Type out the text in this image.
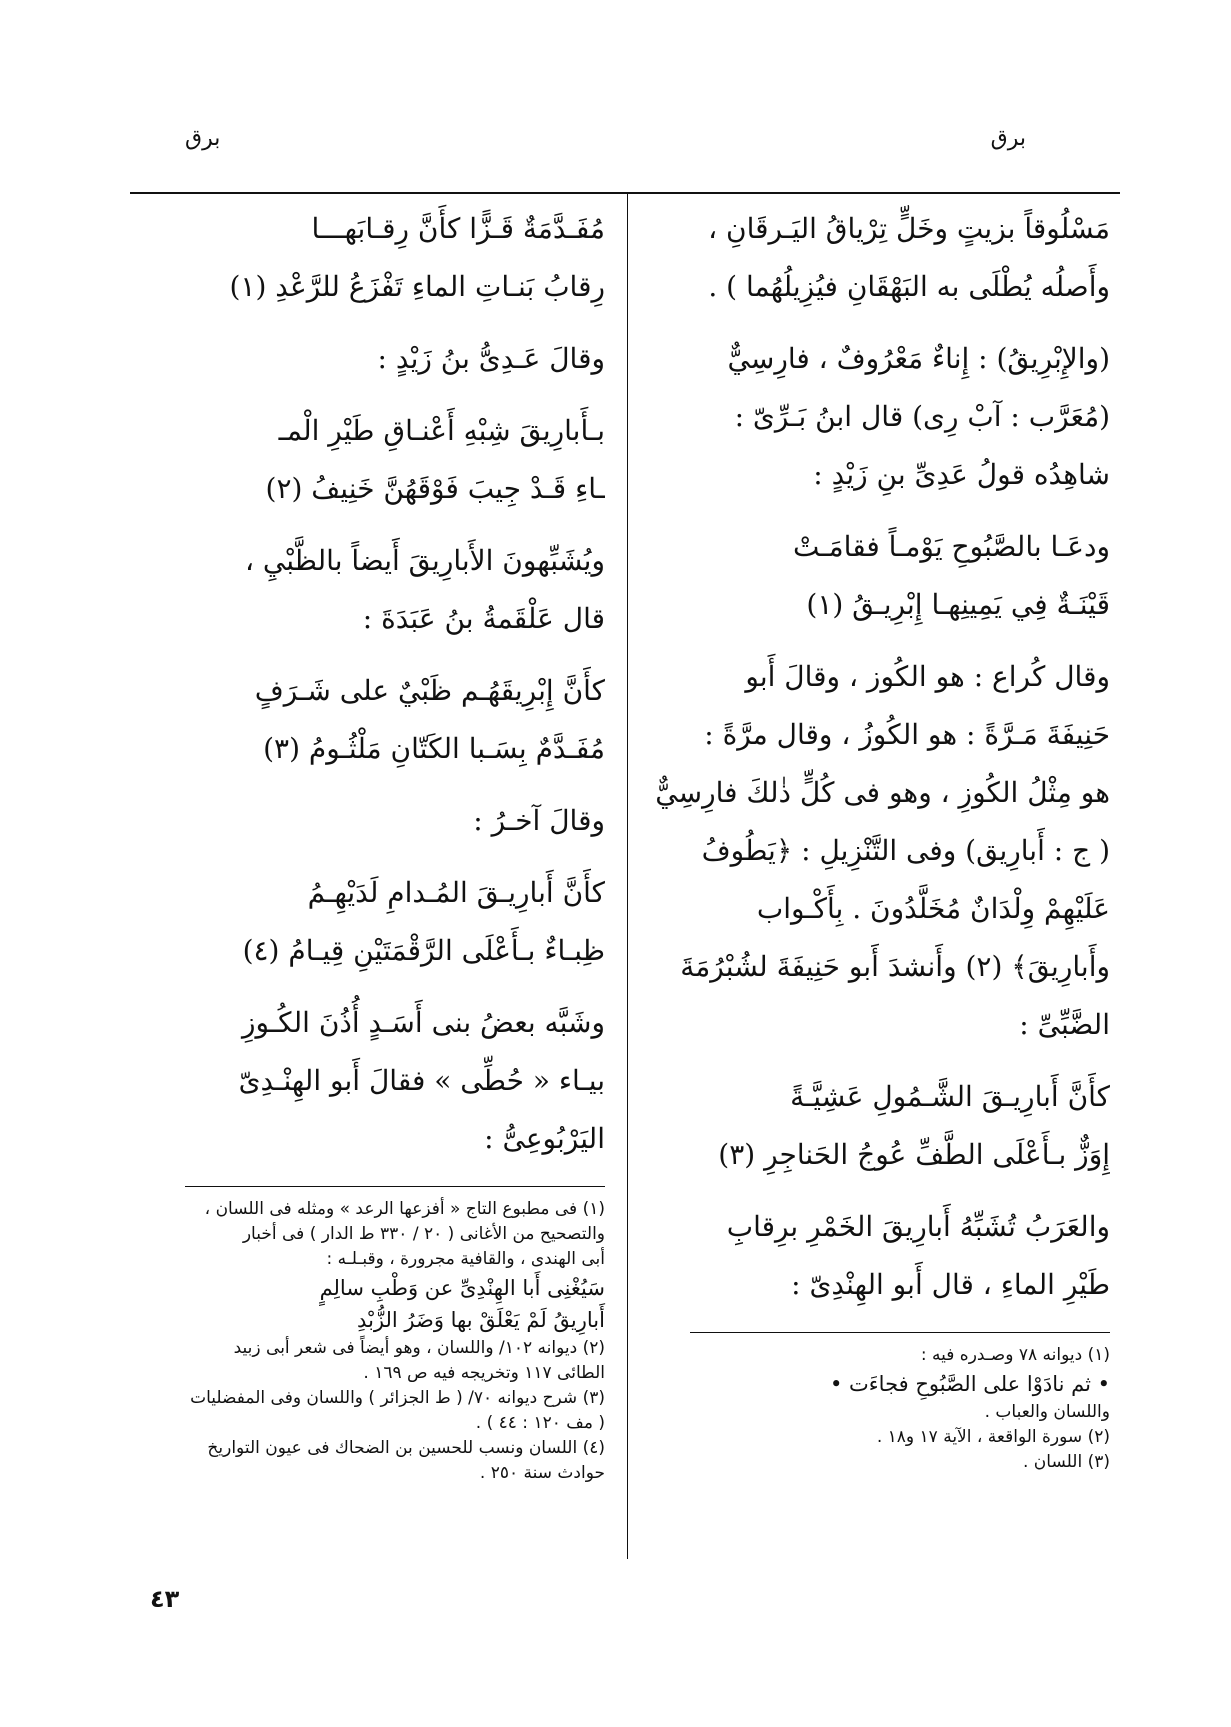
برق
برق
مَسْلُوقاً بزيتٍ وخَلٍّ تِرْياقُ اليَـرقَانِ ،
وأَصلُه يُطْلَى به البَهْقَانِ فيُزِيلُهُما ) .
(والإِبْرِيقُ) : إِناءٌ مَعْرُوفٌ ، فارِسِيٌّ
(مُعَرَّب : آبْ رِى) قال ابنُ بَـرِّىّ :
شاهِدُه قولُ عَدِىِّ بنِ زَيْدٍ :
ودعَـا بالصَّبُوحِ يَوْمـاً فقامَـتْ
قَيْنَـةٌ فِي يَمِينِهـا إِبْرِيـقُ (١)
وقال كُراع : هو الكُوز ، وقالَ أَبو
حَنِيفَةَ مَـرَّةً : هو الكُوزُ ، وقال مرَّةً :
هو مِثْلُ الكُوزِ ، وهو فى كُلٍّ ذٰلكَ فارِسِيٌّ
( ج : أَبارِيق) وفى التَّنْزِيلِ : ﴿يَطُوفُ
عَلَيْهِمْ وِلْدَانٌ مُخَلَّدُونَ . بِأَكْـواب
وأَبارِيقَ﴾ (٢) وأَنشدَ أَبو حَنِيفَةَ لشُبْرُمَةَ
الضَّبِّىِّ :
كأَنَّ أَبارِيـقَ الشَّـمُولِ عَشِيَّـةً
إِوَزٌّ بـأَعْلَى الطَّفِّ عُوجُ الحَناجِرِ (٣)
والعَرَبُ تُشَبِّهُ أَبارِيقَ الخَمْرِ برِقابِ
طَيْرِ الماءِ ، قال أَبو الهِنْدِىّ :
(١) ديوانه ٧٨ وصـدره فيه :
• ثم نادَوْا على الصَّبُوحِ فجاءَت •
واللسان والعباب .
(٢) سورة الواقعة ، الآية ١٧ و١٨ .
(٣) اللسان .
مُفَـدَّمَةٌ قَـزًّا كأَنَّ رِقـابَهـــا
رِقابُ بَنـاتِ الماءِ تَفْزَعُ للرَّعْدِ (١)
وقالَ عَـدِىُّ بنُ زَيْدٍ :
بـأَبارِيقَ شِبْهِ أَعْنـاقِ طَيْرِ الْمـ
ـاءِ قَـدْ جِيبَ فَوْقَهُنَّ خَنِيفُ (٢)
ويُشَبِّهونَ الأَبارِيقَ أَيضاً بالظَّبْيِ ،
قال عَلْقَمةُ بنُ عَبَدَةَ :
كأَنَّ إِبْرِيقَهُـم ظَبْيٌ على شَـرَفٍ
مُفَـدَّمٌ بِسَـبا الكَتّانِ مَلْثُـومُ (٣)
وقالَ آخـرُ :
كأَنَّ أَبارِيـقَ المُـدامِ لَدَيْهِـمُ
ظِبـاءٌ بـأَعْلَى الرَّقْمَتَيْنِ قِيـامُ (٤)
وشَبَّه بعضُ بنى أَسَـدٍ أُذُنَ الكُـوزِ
بيـاء « حُطِّى » فقالَ أَبو الهِنْـدِىّ
اليَرْبُوعِىُّ :
(١) فى مطبوع التاج « أفزعها الرعد » ومثله فى اللسان ،
والتصحيح من الأغانى ( ٢٠ / ٣٣٠ ط الدار ) فى أخبار
أبى الهندى ، والقافية مجرورة ، وقبـلـه :
سَيُغْنِى أَبا الهِنْدِىِّ عن وَطْبِ سالِمٍ
أَبارِيقُ لَمْ يَعْلَقْ بها وَضَرُ الزُّبْدِ
(٢) ديوانه ١٠٢/ واللسان ، وهو أيضاً فى شعر أبى زبيد
الطائى ١١٧ وتخريجه فيه ص ١٦٩ .
(٣) شرح ديوانه ٧٠/ ( ط الجزائر ) واللسان وفى المفضليات
( مف ١٢٠ : ٤٤ ) .
(٤) اللسان ونسب للحسين بن الضحاك فى عيون التواريخ
حوادث سنة ٢٥٠ .
٤٣
